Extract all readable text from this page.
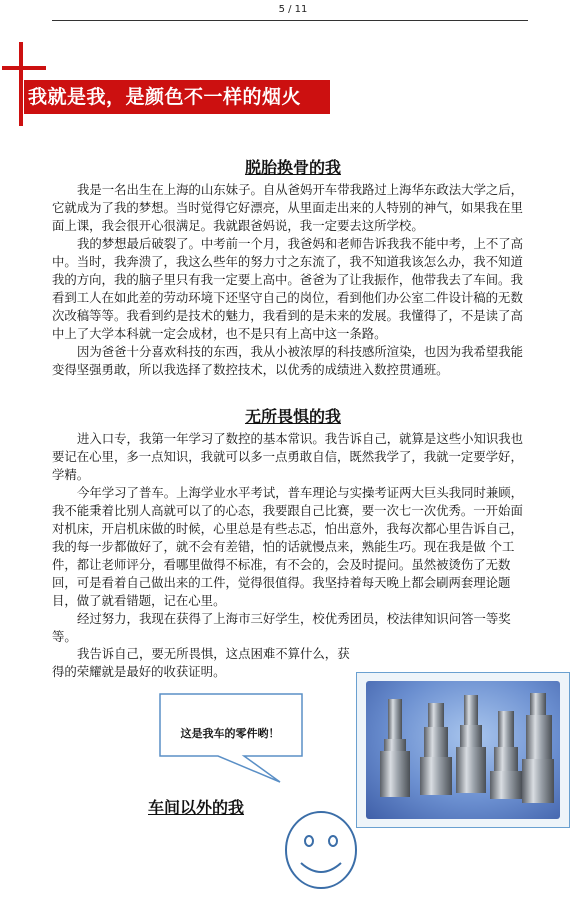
5 / 11
我就是我，是颜色不一样的烟火
脱胎换骨的我

我是一名出生在上海的山东妹子。自从爸妈开车带我路过上海华东政法大学之后，它就成为了我的梦想。当时觉得它好漂亮，从里面走出来的人特别的神气，如果我在里面上课，我会很开心很满足。我就跟爸妈说，我一定要去这所学校。

我的梦想最后破裂了。中考前一个月，我爸妈和老师告诉我我不能中考，上不了高中。当时，我奔溃了，我这么些年的努力寸之东流了，我不知道我该怎么办，我不知道我的方向，我的脑子里只有我一定要上高中。爸爸为了让我振作，他带我去了车间。我看到工人在如此差的劳动环境下还坚守自己的岗位，看到他们办公室二件设计稿的无数次改稿等等。我看到约是技术的魅力，我看到的是未来的发展。我懂得了，不是读了高中上了大学本科就一定会成材，也不是只有上高中这一条路。

因为爸爸十分喜欢科技的东西，我从小被浓厚的科技感所渲染，也因为我希望我能变得坚强勇敢，所以我选择了数控技术，以优秀的成绩进入数控贯通班。

无所畏惧的我

进入口专，我第一年学习了数控的基本常识。我告诉自己，就算是这些小知识我也要记在心里，多一点知识，我就可以多一点勇敢自信，既然我学了，我就一定要学好，学精。

今年学习了普车。上海学业水平考试，普车理论与实操考证两大巨头我同时兼顾，我不能秉着比别人高就可以了的心态，我要跟自己比赛，要一次七一次优秀。一开始面对机床，开启机床做的时候，心里总是有些忐忑，怕出意外，我每次都心里告诉自己，我的每一步都做好了，就不会有差错，怕的话就慢点来，熟能生巧。现在我是做 个工件，都让老师评分，看哪里做得不标准，有不会的，会及时提问。虽然被烫伤了无数回，可是看着自己做出来的工件，觉得很值得。我坚持着每天晚上都会刷两套理论题目，做了就看错题，记在心里。

经过努力，我现在获得了上海市三好学生，校优秀团员，校法律知识问答一等奖等。

我告诉自己，要无所畏惧，这点困难不算什么，获得的荣耀就是最好的收获证明。

这是我车的零件哟！
车间以外的我
